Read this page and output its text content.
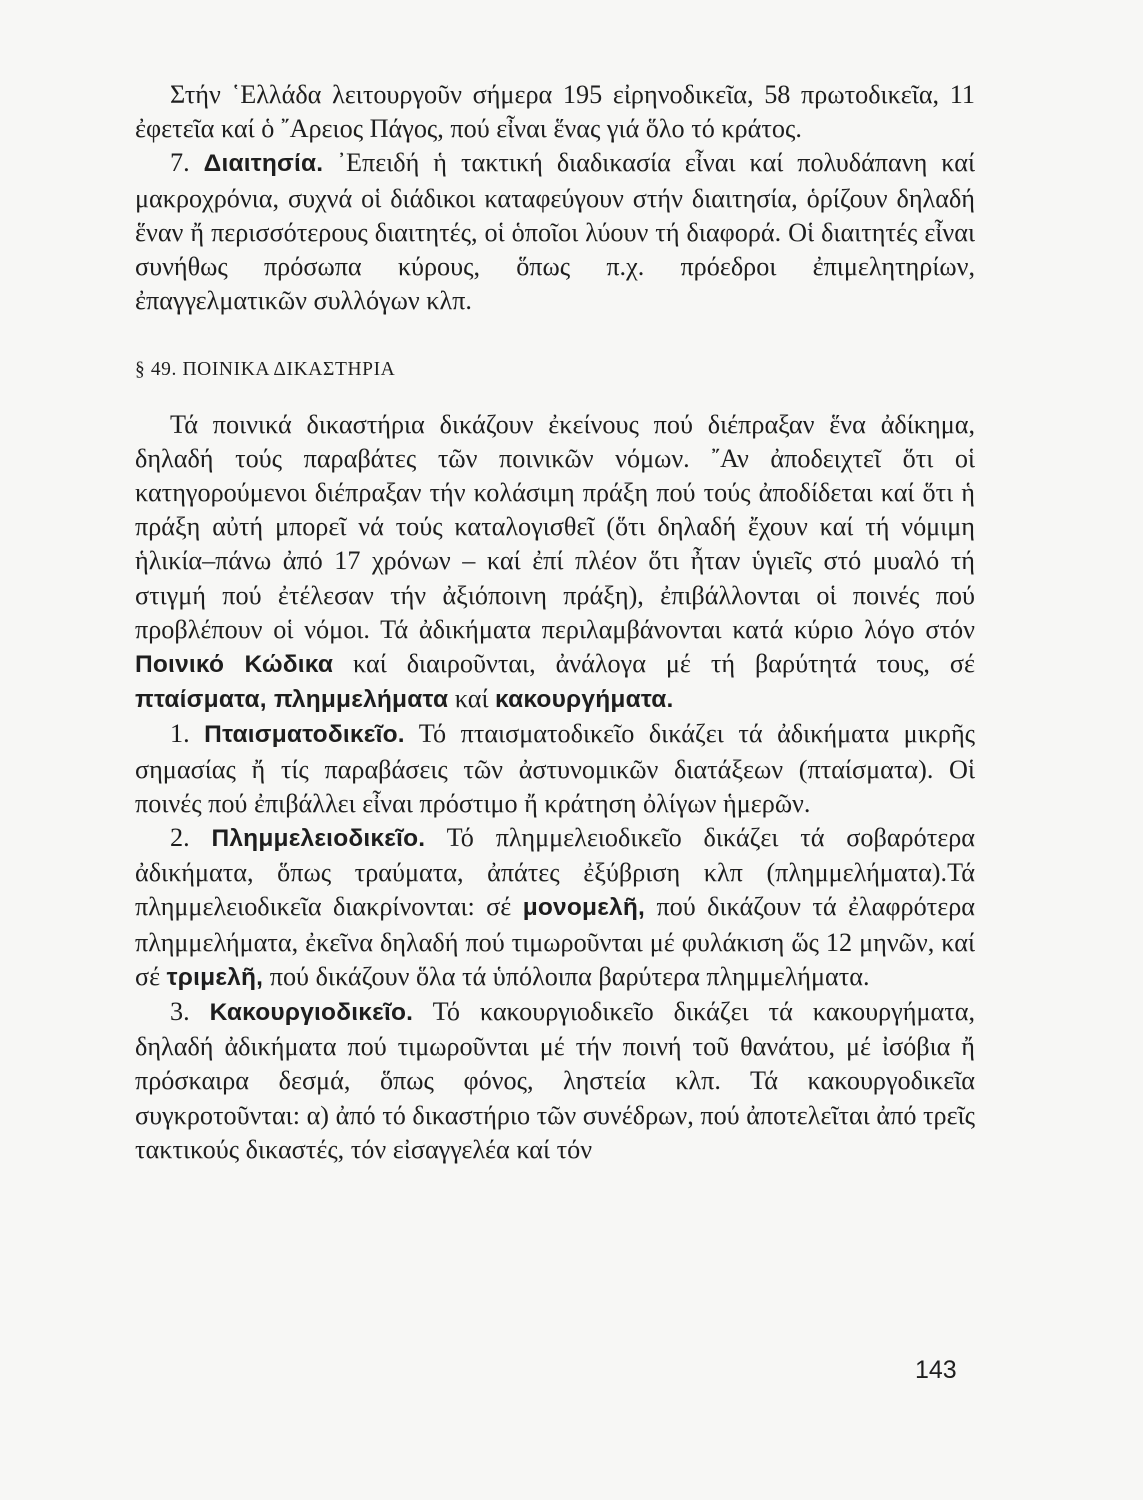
Στήν ῾Ελλάδα λειτουργοῦν σήμερα 195 εἰρηνοδικεῖα, 58 πρωτοδικεῖα, 11 ἐφετεῖα καί ὁ ῎Αρειος Πάγος, πού εἶναι ἕνας γιά ὅλο τό κράτος.

7. Διαιτησία. ᾽Επειδή ἡ τακτική διαδικασία εἶναι καί πολυδάπανη καί μακροχρόνια, συχνά οἱ διάδικοι καταφεύγουν στήν διαιτησία, ὁρίζουν δηλαδή ἕναν ἤ περισσότερους διαιτητές, οἱ ὁποῖοι λύουν τή διαφορά. Οἱ διαιτητές εἶναι συνήθως πρόσωπα κύρους, ὅπως π.χ. πρόεδροι ἐπιμελητηρίων, ἐπαγγελματικῶν συλλόγων κλπ.

§ 49. ΠΟΙΝΙΚΑ ΔΙΚΑΣΤΗΡΙΑ

Τά ποινικά δικαστήρια δικάζουν ἐκείνους πού διέπραξαν ἕνα ἀδίκημα, δηλαδή τούς παραβάτες τῶν ποινικῶν νόμων. ῎Αν ἀποδειχτεῖ ὅτι οἱ κατηγορούμενοι διέπραξαν τήν κολάσιμη πράξη πού τούς ἀποδίδεται καί ὅτι ἡ πράξη αὐτή μπορεῖ νά τούς καταλογισθεῖ (ὅτι δηλαδή ἔχουν καί τή νόμιμη ἡλικία–πάνω ἀπό 17 χρόνων – καί ἐπί πλέον ὅτι ἦταν ὑγιεῖς στό μυαλό τή στιγμή πού ἐτέλεσαν τήν ἀξιόποινη πράξη), ἐπιβάλλονται οἱ ποινές πού προβλέπουν οἱ νόμοι. Τά ἀδικήματα περιλαμβάνονται κατά κύριο λόγο στόν Ποινικό Κώδικα καί διαιροῦνται, ἀνάλογα μέ τή βαρύτητά τους, σέ πταίσματα, πλημμελήματα καί κακουργήματα.

1. Πταισματοδικεῖο. Τό πταισματοδικεῖο δικάζει τά ἀδικήματα μικρῆς σημασίας ἤ τίς παραβάσεις τῶν ἀστυνομικῶν διατάξεων (πταίσματα). Οἱ ποινές πού ἐπιβάλλει εἶναι πρόστιμο ἤ κράτηση ὀλίγων ἡμερῶν.

2. Πλημμελειοδικεῖο. Τό πλημμελειοδικεῖο δικάζει τά σοβαρότερα ἀδικήματα, ὅπως τραύματα, ἀπάτες ἐξύβριση κλπ (πλημμελήματα).Τά πλημμελειοδικεῖα διακρίνονται: σέ μονομελῆ, πού δικάζουν τά ἐλαφρότερα πλημμελήματα, ἐκεῖνα δηλαδή πού τιμωροῦνται μέ φυλάκιση ὥς 12 μηνῶν, καί σέ τριμελῆ, πού δικάζουν ὅλα τά ὑπόλοιπα βαρύτερα πλημμελήματα.

3. Κακουργιοδικεῖο. Τό κακουργιοδικεῖο δικάζει τά κακουργήματα, δηλαδή ἀδικήματα πού τιμωροῦνται μέ τήν ποινή τοῦ θανάτου, μέ ἰσόβια ἤ πρόσκαιρα δεσμά, ὅπως φόνος, ληστεία κλπ. Τά κακουργοδικεῖα συγκροτοῦνται: α) ἀπό τό δικαστήριο τῶν συνέδρων, πού ἀποτελεῖται ἀπό τρεῖς τακτικούς δικαστές, τόν εἰσαγγελέα καί τόν

143
